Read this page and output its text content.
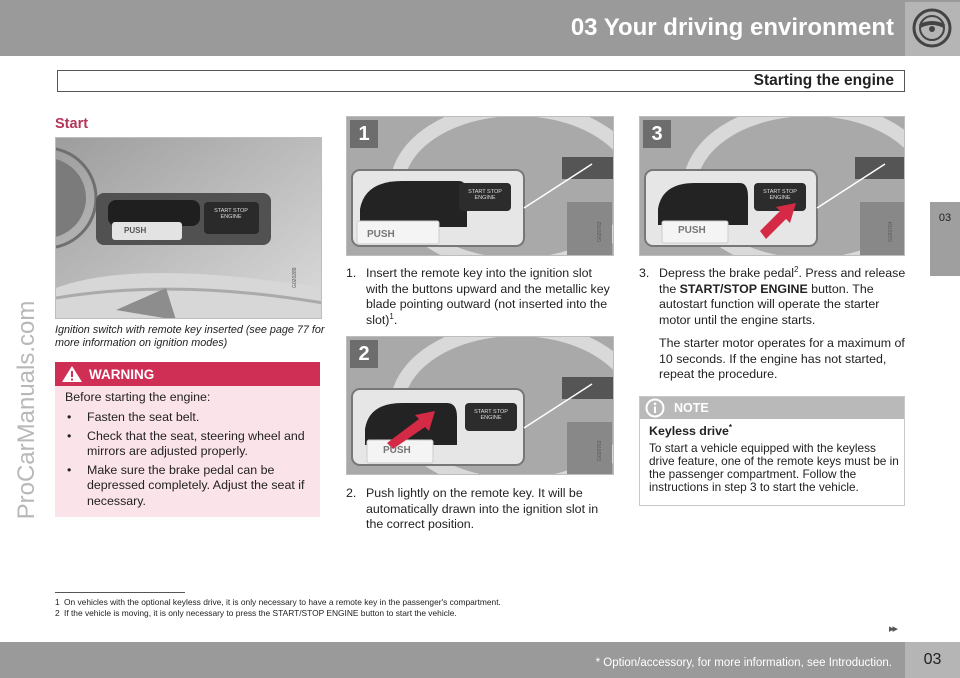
03 Your driving environment
Starting the engine
03
ProCarManuals.com
Start
PUSH
START STOP ENGINE
G020289
Ignition switch with remote key inserted (see page 77 for more information on ignition modes)
WARNING
Before starting the engine:
• Fasten the seat belt.
• Check that the seat, steering wheel and mirrors are adjusted properly.
• Make sure the brake pedal can be depressed completely. Adjust the seat if necessary.
1
PUSH
START STOP ENGINE
G020762
1. Insert the remote key into the ignition slot with the buttons upward and the metallic key blade pointing outward (not inserted into the slot)$^1$.
2
PUSH
START STOP ENGINE
G020763
2. Push lightly on the remote key. It will be automatically drawn into the ignition slot in the correct position.
3
PUSH
START STOP ENGINE
G020764
3. Depress the brake pedal$^2$. Press and release the START/STOP ENGINE button. The autostart function will operate the starter motor until the engine starts.
The starter motor operates for a maximum of 10 seconds. If the engine has not started, repeat the procedure.
NOTE
Keyless drive*
To start a vehicle equipped with the keyless drive feature, one of the remote keys must be in the passenger compartment. Follow the instructions in step 3 to start the vehicle.
1 On vehicles with the optional keyless drive, it is only necessary to have a remote key in the passenger's compartment.
2 If the vehicle is moving, it is only necessary to press the START/STOP ENGINE button to start the vehicle.
▸▸
* Option/accessory, for more information, see Introduction.	03
